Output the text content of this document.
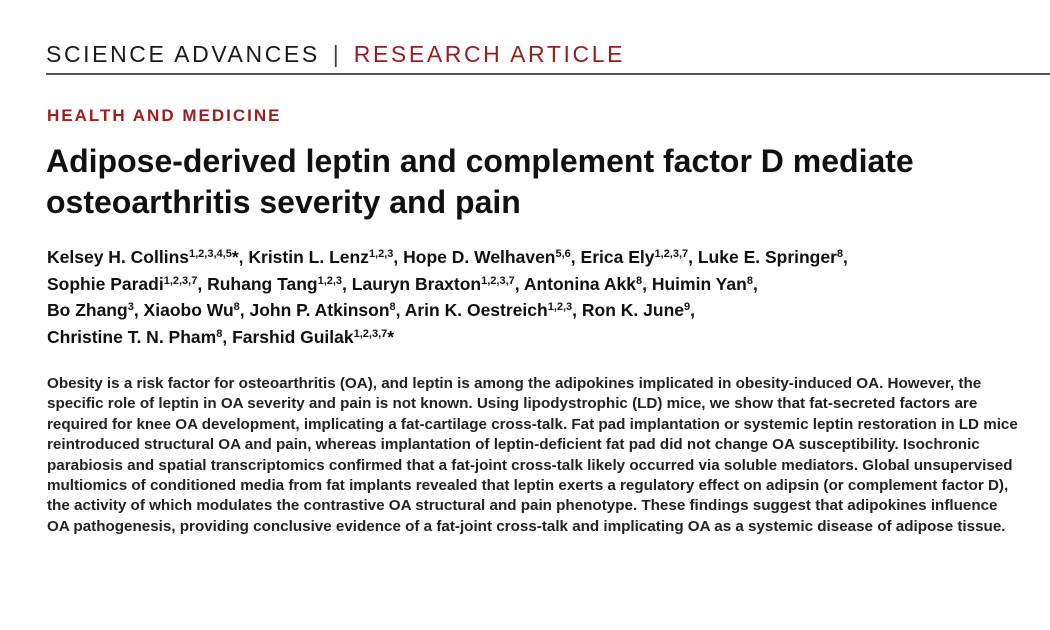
SCIENCE ADVANCES | RESEARCH ARTICLE
HEALTH AND MEDICINE
Adipose-derived leptin and complement factor D mediate osteoarthritis severity and pain
Kelsey H. Collins$^{1,2,3,4,5}$*, Kristin L. Lenz$^{1,2,3}$, Hope D. Welhaven$^{5,6}$, Erica Ely$^{1,2,3,7}$, Luke E. Springer$^8$,
Sophie Paradi$^{1,2,3,7}$, Ruhang Tang$^{1,2,3}$, Lauryn Braxton$^{1,2,3,7}$, Antonina Akk$^8$, Huimin Yan$^8$,
Bo Zhang$^3$, Xiaobo Wu$^8$, John P. Atkinson$^8$, Arin K. Oestreich$^{1,2,3}$, Ron K. June$^9$,
Christine T. N. Pham$^8$, Farshid Guilak$^{1,2,3,7}$*

Obesity is a risk factor for osteoarthritis (OA), and leptin is among the adipokines implicated in obesity-induced OA. However, the specific role of leptin in OA severity and pain is not known. Using lipodystrophic (LD) mice, we show that fat-secreted factors are required for knee OA development, implicating a fat-cartilage cross-talk. Fat pad implantation or systemic leptin restoration in LD mice reintroduced structural OA and pain, whereas implantation of leptin-deficient fat pad did not change OA susceptibility. Isochronic parabiosis and spatial transcriptomics confirmed that a fat-joint cross-talk likely occurred via soluble mediators. Global unsupervised multiomics of conditioned media from fat implants revealed that leptin exerts a regulatory effect on adipsin (or complement factor D), the activity of which modulates the contrastive OA structural and pain phenotype. These findings suggest that adipokines influence OA pathogenesis, providing conclusive evidence of a fat-joint cross-talk and implicating OA as a systemic disease of adipose tissue.
